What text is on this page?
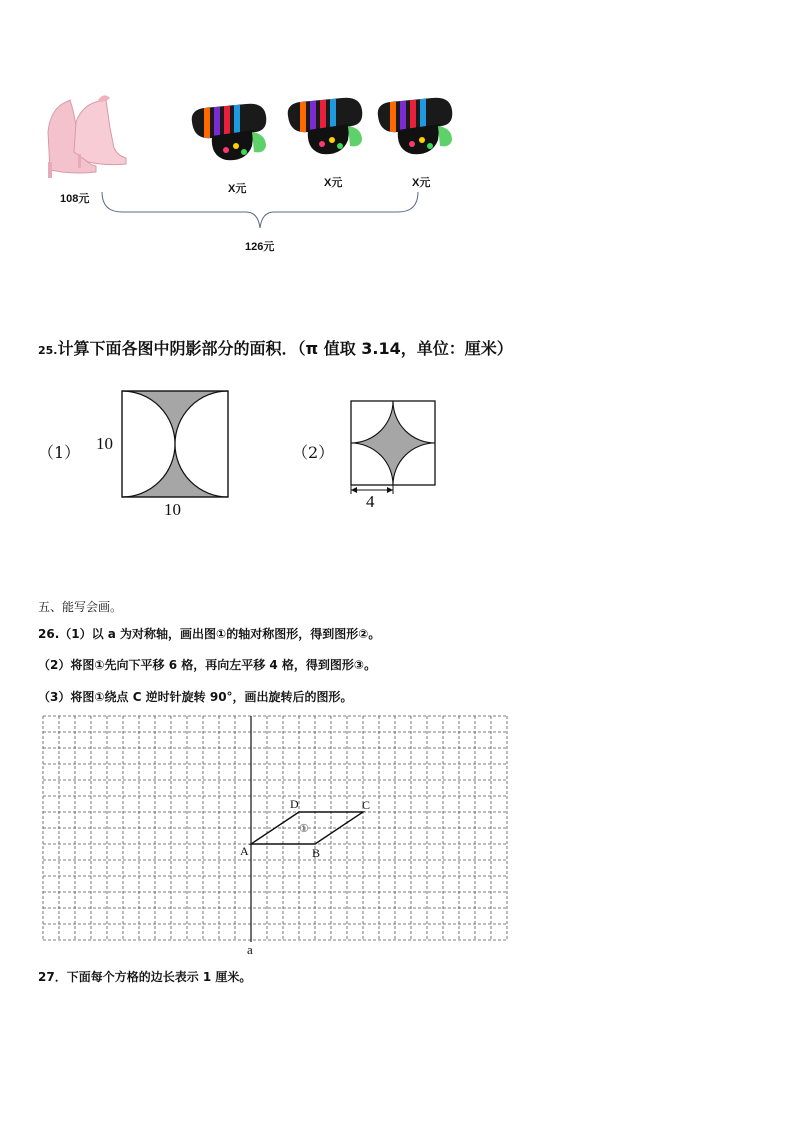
108元
X元	X元	X元
126元
25.计算下面各图中阴影部分的面积．（π 值取 3.14，单位：厘米）
（1） 10
10
（2）
4
五、能写会画。
26.（1）以 a 为对称轴，画出图①的轴对称图形，得到图形②。
（2）将图①先向下平移 6 格，再向左平移 4 格，得到图形③。
（3）将图①绕点 C 逆时针旋转 90°，画出旋转后的图形。
A	B
C
D
①
a
27．下面每个方格的边长表示 1 厘米。
